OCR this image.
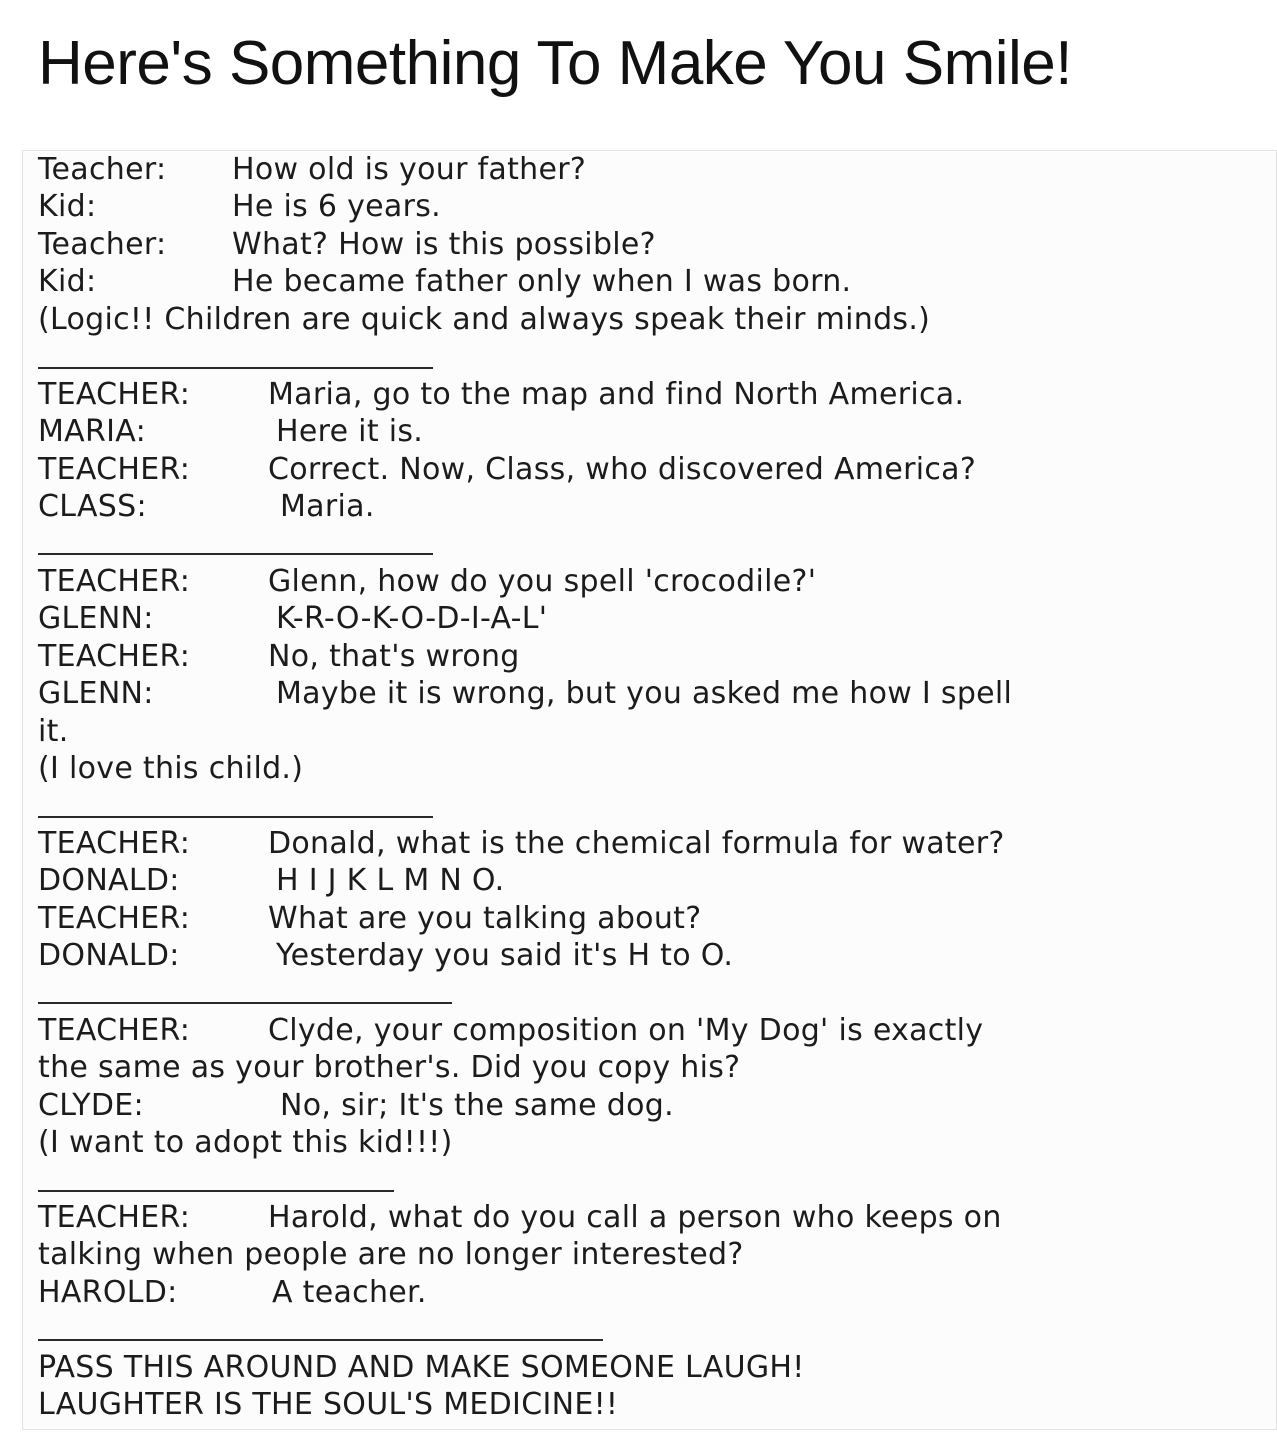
Here's Something To Make You Smile!
Teacher: How old is your father?
Kid:	He is 6 years.
Teacher: What? How is this possible?
Kid:	He became father only when I was born.
(Logic!! Children are quick and always speak their minds.)
TEACHER:	Maria, go to the map and find North America.
MARIA:	Here it is.
TEACHER:	Correct. Now, Class, who discovered America?
CLASS:	Maria.
TEACHER:	Glenn, how do you spell 'crocodile?'
GLENN:	K-R-O-K-O-D-I-A-L'
TEACHER:	No, that's wrong
GLENN:	Maybe it is wrong, but you asked me how I spell
it.
(I love this child.)
TEACHER:	Donald, what is the chemical formula for water?
DONALD:	H I J K L M N O.
TEACHER:	What are you talking about?
DONALD:	Yesterday you said it's H to O.
TEACHER:	Clyde, your composition on 'My Dog' is exactly
the same as your brother's. Did you copy his?
CLYDE:	No, sir; It's the same dog.
(I want to adopt this kid!!!)
TEACHER:	Harold, what do you call a person who keeps on
talking when people are no longer interested?
HAROLD:	A teacher.
PASS THIS AROUND AND MAKE SOMEONE LAUGH!
LAUGHTER IS THE SOUL'S MEDICINE!!
